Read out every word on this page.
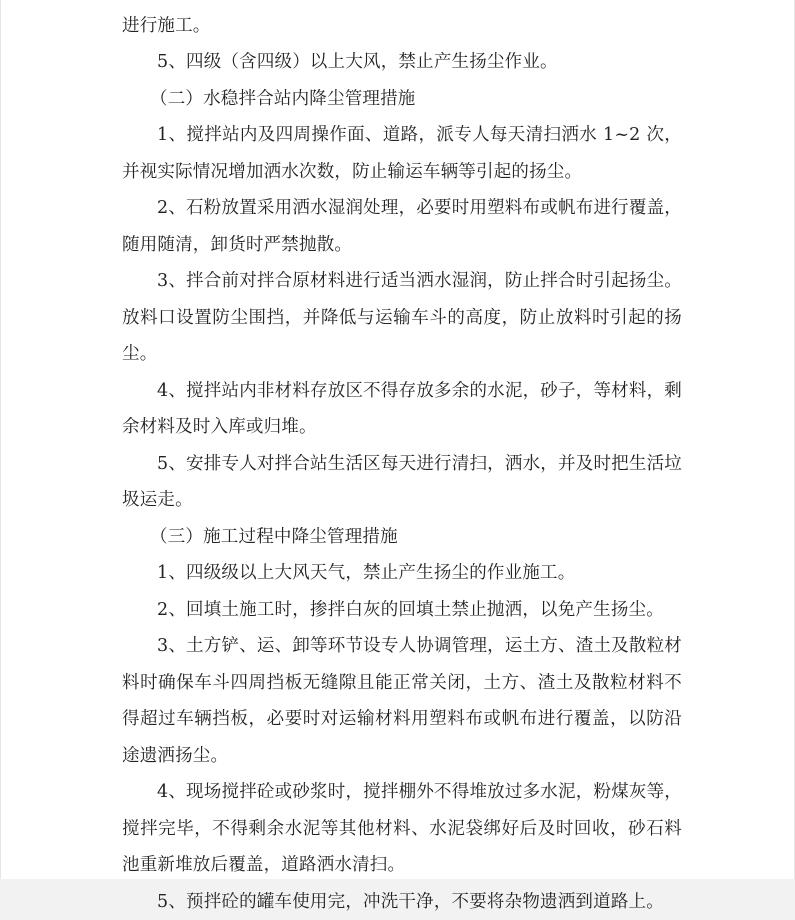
进行施工。

5、四级（含四级）以上大风，禁止产生扬尘作业。

（二）水稳拌合站内降尘管理措施

1、搅拌站内及四周操作面、道路，派专人每天清扫洒水 1~2 次，并视实际情况增加洒水次数，防止输运车辆等引起的扬尘。

2、石粉放置采用洒水湿润处理，必要时用塑料布或帆布进行覆盖，随用随清，卸货时严禁抛散。

3、拌合前对拌合原材料进行适当洒水湿润，防止拌合时引起扬尘。放料口设置防尘围挡，并降低与运输车斗的高度，防止放料时引起的扬尘。

4、搅拌站内非材料存放区不得存放多余的水泥，砂子，等材料，剩余材料及时入库或归堆。

5、安排专人对拌合站生活区每天进行清扫，洒水，并及时把生活垃圾运走。

（三）施工过程中降尘管理措施

1、四级级以上大风天气，禁止产生扬尘的作业施工。

2、回填土施工时，掺拌白灰的回填土禁止抛洒，以免产生扬尘。

3、土方铲、运、卸等环节设专人协调管理，运土方、渣土及散粒材料时确保车斗四周挡板无缝隙且能正常关闭，土方、渣土及散粒材料不得超过车辆挡板，必要时对运输材料用塑料布或帆布进行覆盖，以防沿途遗洒扬尘。

4、现场搅拌砼或砂浆时，搅拌棚外不得堆放过多水泥，粉煤灰等，搅拌完毕，不得剩余水泥等其他材料、水泥袋绑好后及时回收，砂石料池重新堆放后覆盖，道路洒水清扫。

5、预拌砼的罐车使用完，冲洗干净，不要将杂物遗洒到道路上。
